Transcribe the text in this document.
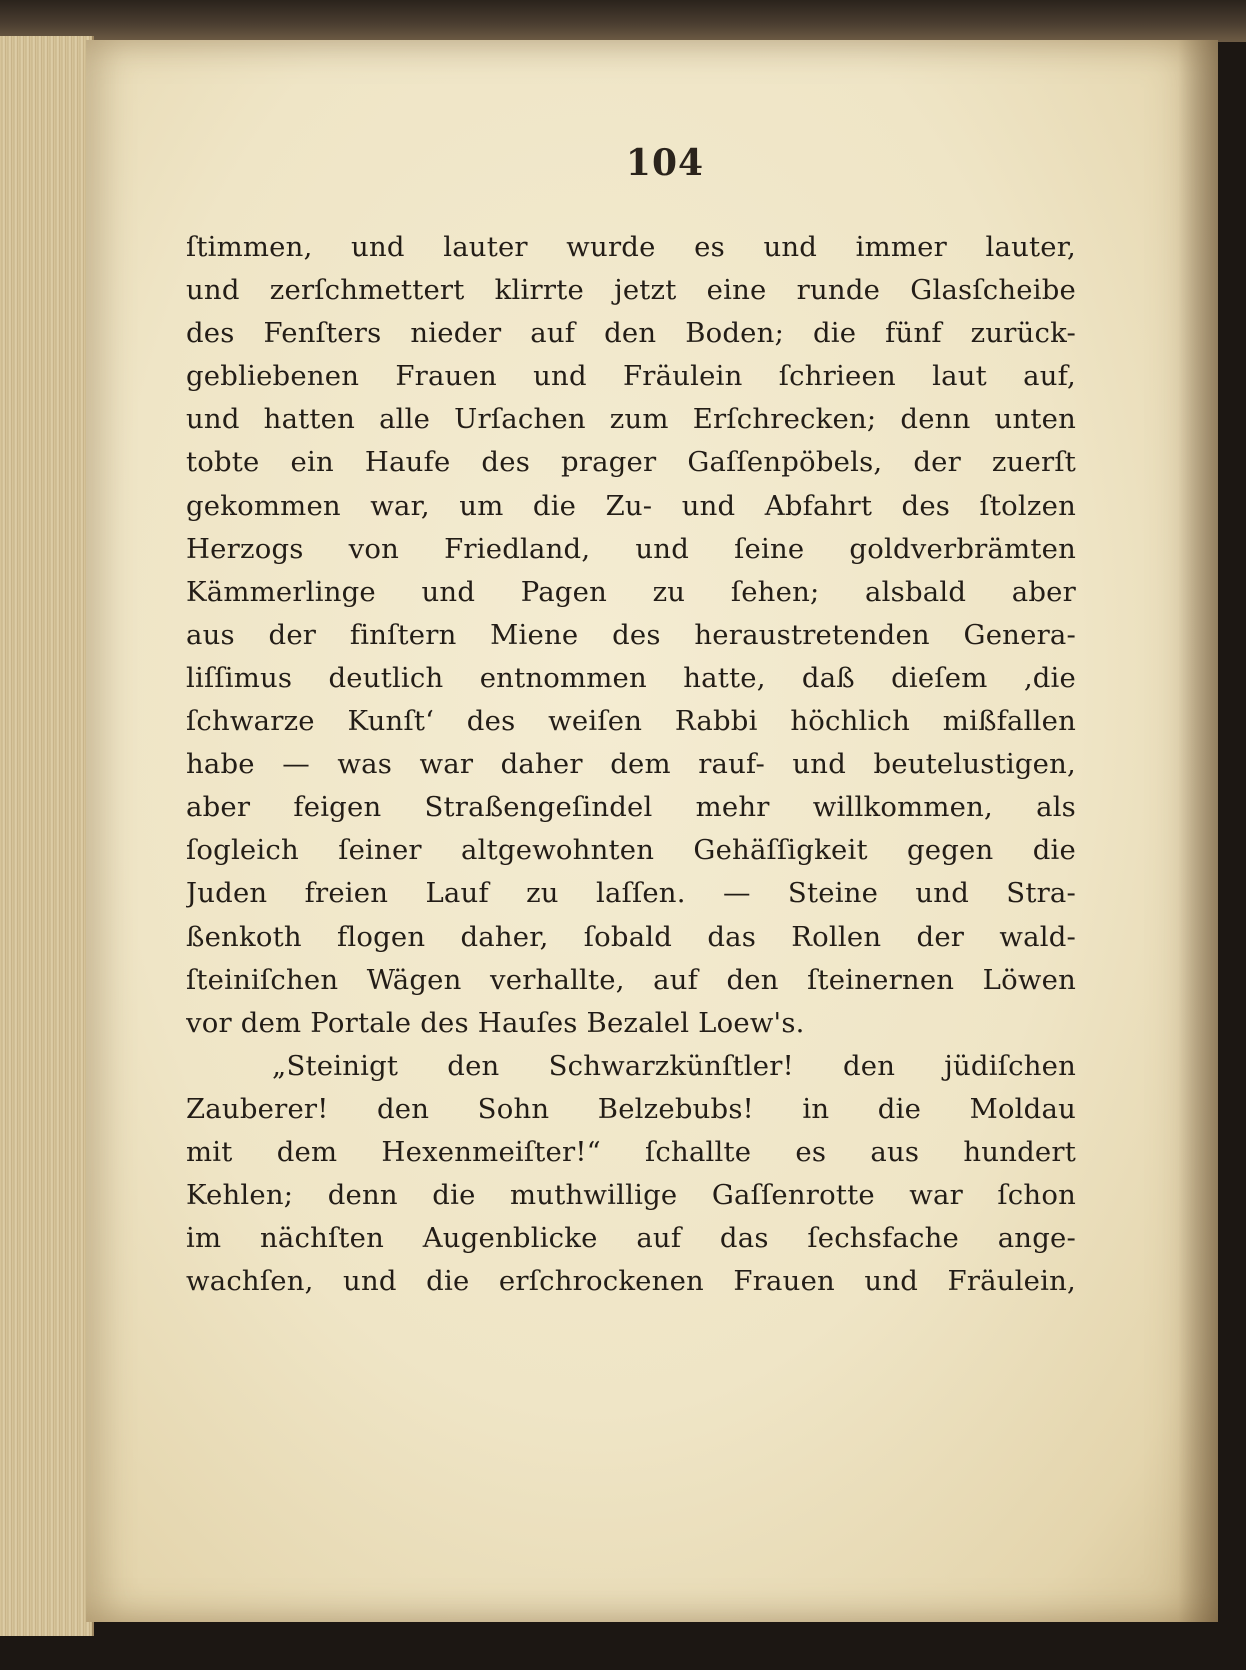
104
ſtimmen, und lauter wurde es und immer lauter,
und zerſchmettert klirrte jetzt eine runde Glasſcheibe
des Fenſters nieder auf den Boden; die fünf zurück-
gebliebenen Frauen und Fräulein ſchrieen laut auf,
und hatten alle Urſachen zum Erſchrecken; denn unten
tobte ein Haufe des prager Gaſſenpöbels, der zuerſt
gekommen war, um die Zu- und Abfahrt des ſtolzen
Herzogs von Friedland, und ſeine goldverbrämten
Kämmerlinge und Pagen zu ſehen; alsbald aber
aus der finſtern Miene des heraustretenden Genera-
liſſimus deutlich entnommen hatte, daß dieſem ‚die
ſchwarze Kunſt‘ des weiſen Rabbi höchlich mißfallen
habe — was war daher dem rauf- und beutelustigen,
aber feigen Straßengeſindel mehr willkommen, als
ſogleich ſeiner altgewohnten Gehäſſigkeit gegen die
Juden freien Lauf zu laſſen. — Steine und Stra-
ßenkoth flogen daher, ſobald das Rollen der wald-
ſteiniſchen Wägen verhallte, auf den ſteinernen Löwen
vor dem Portale des Hauſes Bezalel Loew's.
„Steinigt den Schwarzkünſtler! den jüdiſchen
Zauberer! den Sohn Belzebubs! in die Moldau
mit dem Hexenmeiſter!“ ſchallte es aus hundert
Kehlen; denn die muthwillige Gaſſenrotte war ſchon
im nächſten Augenblicke auf das ſechsfache ange-
wachſen, und die erſchrockenen Frauen und Fräulein,
